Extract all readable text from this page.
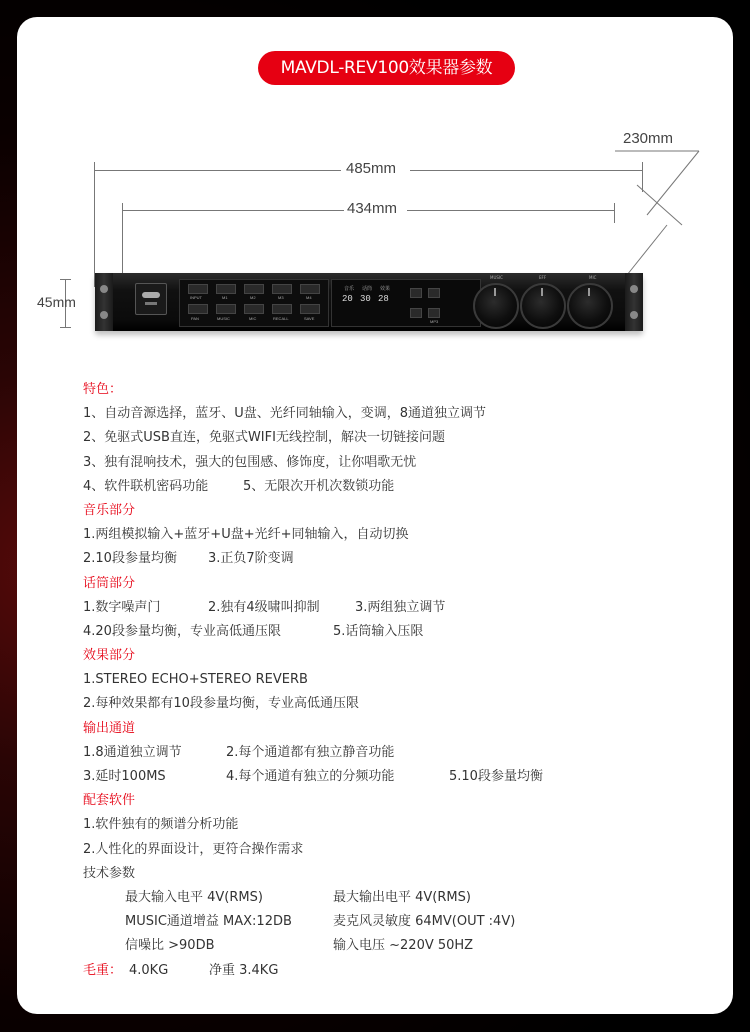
MAVDL-REV100效果器参数
485mm
434mm
230mm
45mm	INPUT	M1	M2	M3	M4
PAN	MUSIC	MIC	RECALL	SAVE
音乐 话筒 效果
20 30 28
MP3
MUSIC	EFF	MIC
特色：
1、自动音源选择，蓝牙、U盘、光纤同轴输入，变调，8通道独立调节
2、免驱式USB直连，免驱式WIFI无线控制，解决一切链接问题
3、独有混响技术，强大的包围感、修饰度，让你唱歌无忧
4、软件联机密码功能	5、无限次开机次数锁功能
音乐部分
1.两组模拟输入+蓝牙+U盘+光纤+同轴输入，自动切换
2.10段参量均衡 3.正负7阶变调
话筒部分
1.数字噪声门	2.独有4级啸叫抑制	3.两组独立调节
4.20段参量均衡，专业高低通压限	5.话筒输入压限
效果部分
1.STEREO ECHO+STEREO REVERB
2.每种效果都有10段参量均衡，专业高低通压限
输出通道
1.8通道独立调节	2.每个通道都有独立静音功能
3.延时100MS	4.每个通道有独立的分频功能	5.10段参量均衡
配套软件
1.软件独有的频谱分析功能
2.人性化的界面设计，更符合操作需求
技术参数
最大输入电平 4V(RMS)	最大输出电平 4V(RMS)
MUSIC通道增益 MAX:12DB	麦克风灵敏度 64MV(OUT :4V)
信噪比 >90DB	输入电压 ~220V 50HZ
毛重： 4.0KG	净重 3.4KG
